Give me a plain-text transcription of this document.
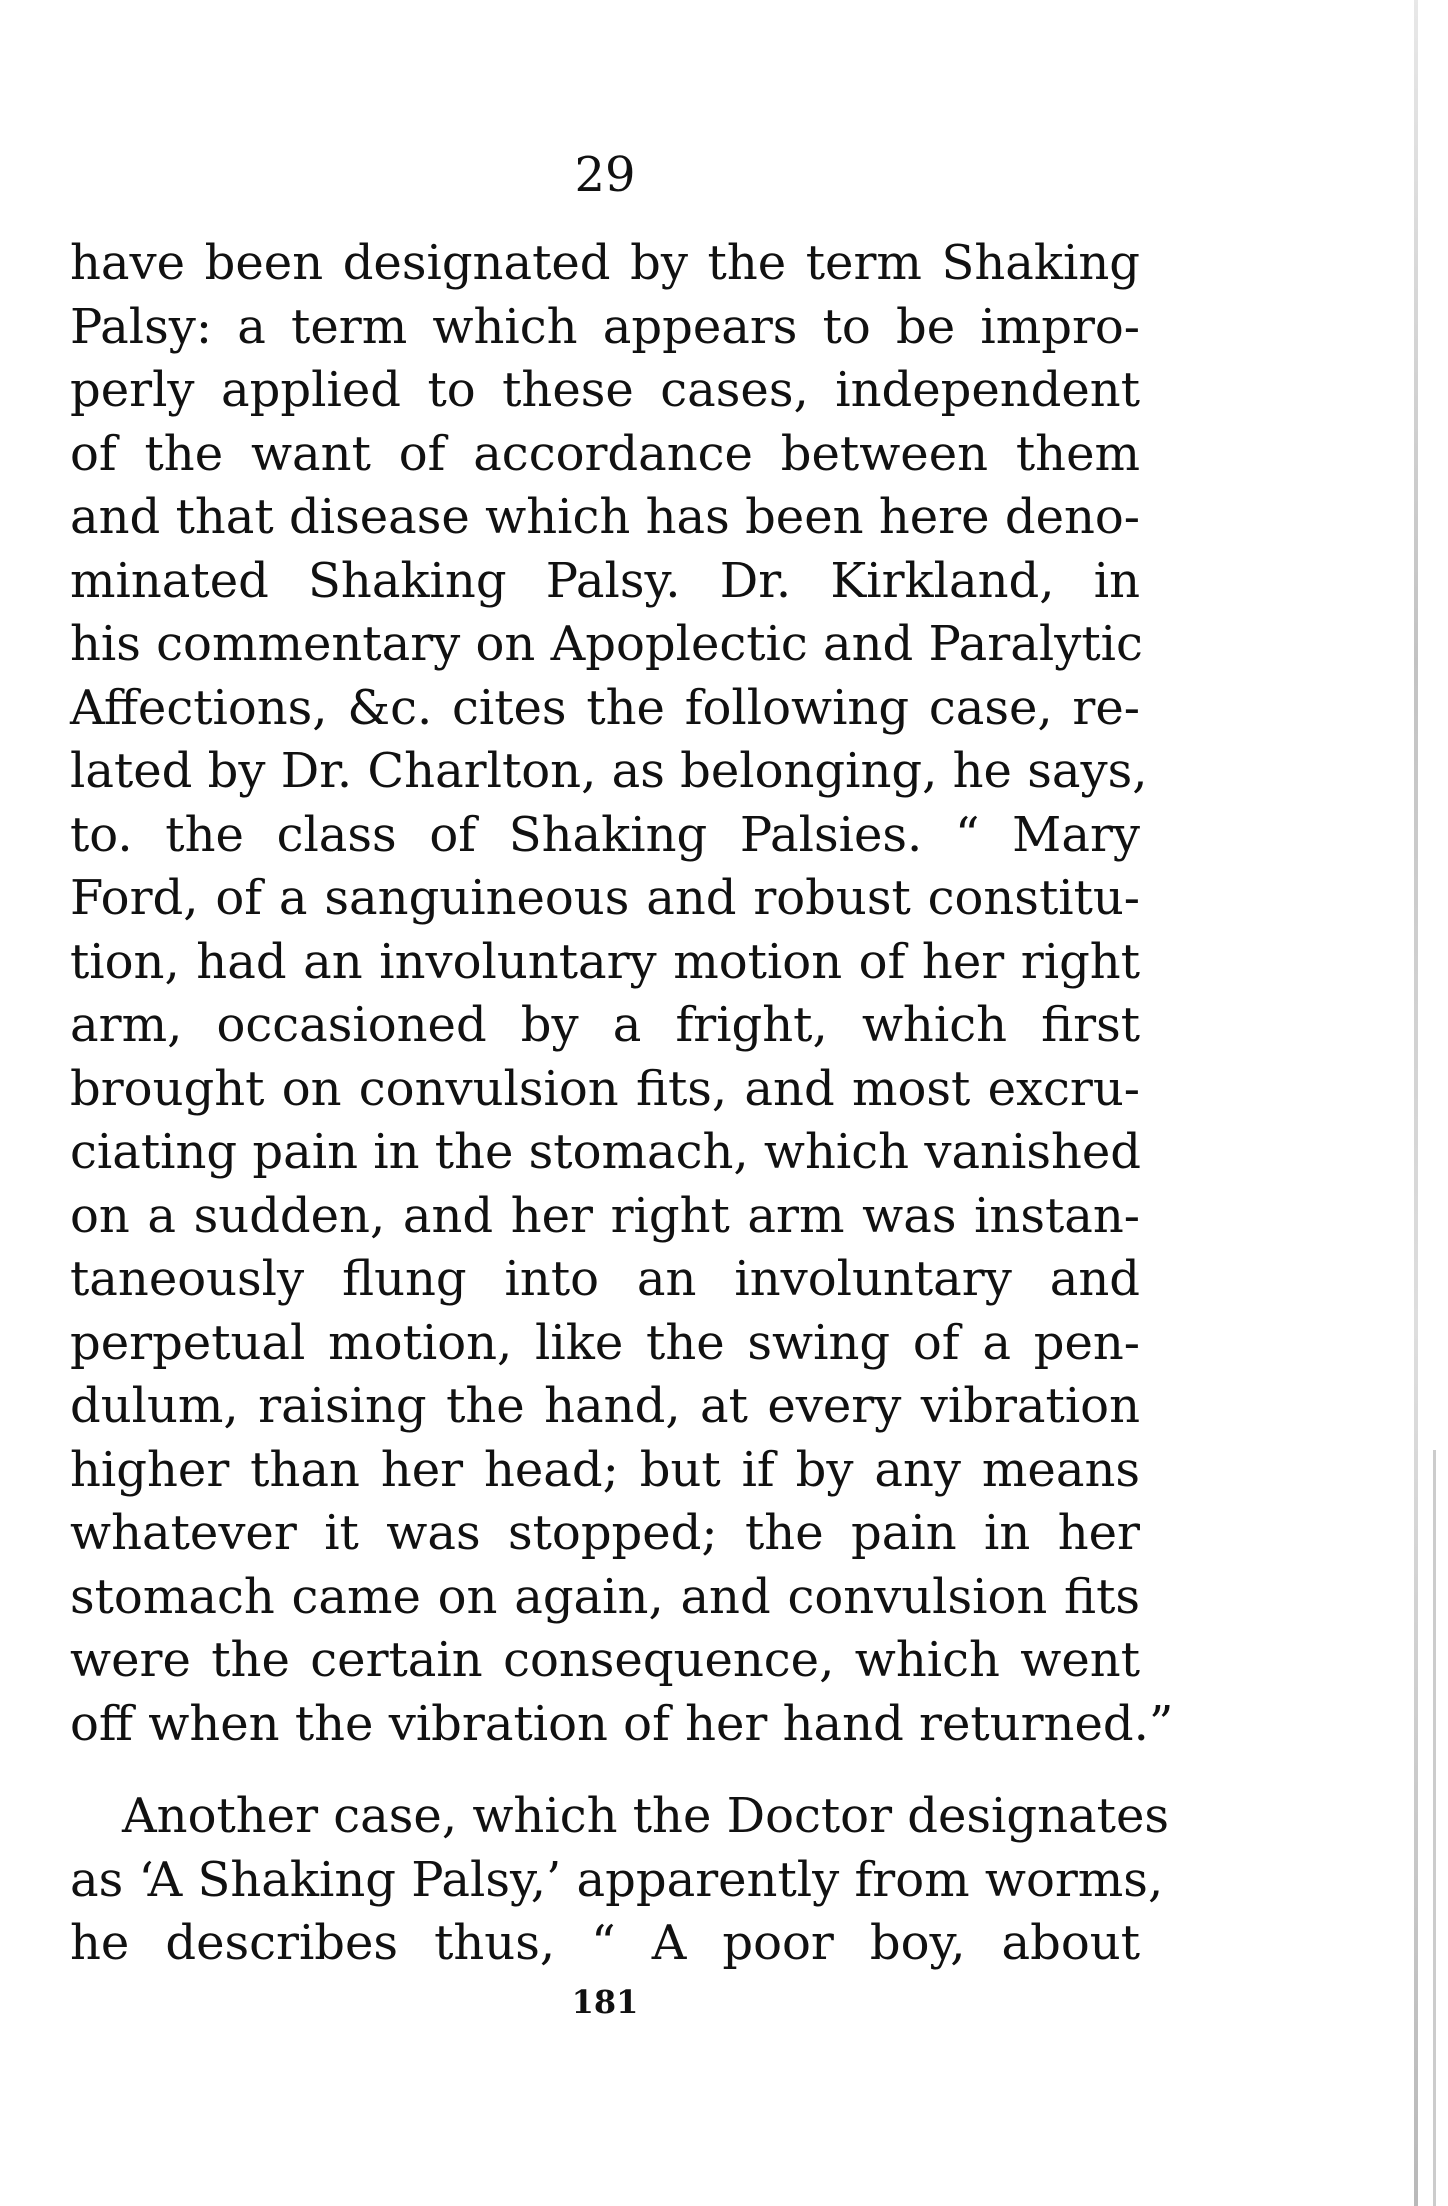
29
have been designated by the term Shaking
Palsy: a term which appears to be impro-
perly applied to these cases, independent
of the want of accordance between them
and that disease which has been here deno-
minated Shaking Palsy. Dr. Kirkland, in
his commentary on Apoplectic and Paralytic
Affections, &c. cites the following case, re-
lated by Dr. Charlton, as belonging, he says,
to. the class of Shaking Palsies. “ Mary
Ford, of a sanguineous and robust constitu-
tion, had an involuntary motion of her right
arm, occasioned by a fright, which first
brought on convulsion fits, and most excru-
ciating pain in the stomach, which vanished
on a sudden, and her right arm was instan-
taneously flung into an involuntary and
perpetual motion, like the swing of a pen-
dulum, raising the hand, at every vibration
higher than her head; but if by any means
whatever it was stopped; the pain in her
stomach came on again, and convulsion fits
were the certain consequence, which went
off when the vibration of her hand returned.”
Another case, which the Doctor designates
as ‘A Shaking Palsy,’ apparently from worms,
he describes thus, “ A poor boy, about
181
